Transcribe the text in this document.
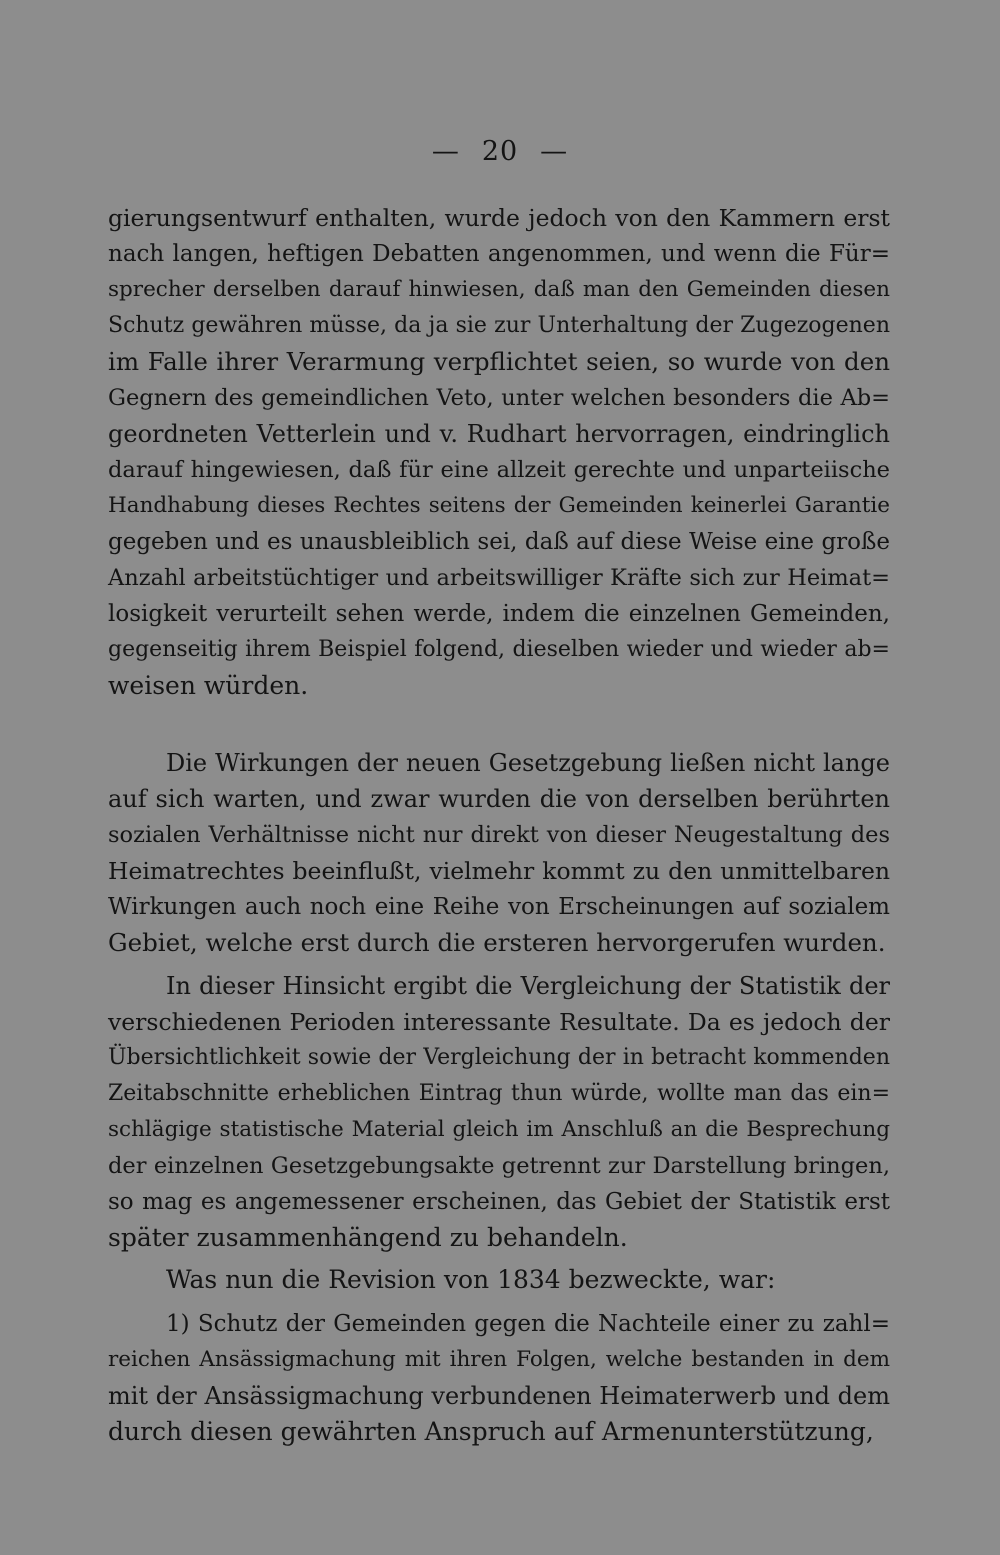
— 20 —
gierungsentwurf enthalten, wurde jedoch von den Kammern erst
nach langen, heftigen Debatten angenommen, und wenn die Für=
sprecher derselben darauf hinwiesen, daß man den Gemeinden diesen
Schutz gewähren müsse, da ja sie zur Unterhaltung der Zugezogenen
im Falle ihrer Verarmung verpflichtet seien, so wurde von den
Gegnern des gemeindlichen Veto, unter welchen besonders die Ab=
geordneten Vetterlein und v. Rudhart hervorragen, eindringlich
darauf hingewiesen, daß für eine allzeit gerechte und unparteiische
Handhabung dieses Rechtes seitens der Gemeinden keinerlei Garantie
gegeben und es unausbleiblich sei, daß auf diese Weise eine große
Anzahl arbeitstüchtiger und arbeitswilliger Kräfte sich zur Heimat=
losigkeit verurteilt sehen werde, indem die einzelnen Gemeinden,
gegenseitig ihrem Beispiel folgend, dieselben wieder und wieder ab=
weisen würden.
Die Wirkungen der neuen Gesetzgebung ließen nicht lange
auf sich warten, und zwar wurden die von derselben berührten
sozialen Verhältnisse nicht nur direkt von dieser Neugestaltung des
Heimatrechtes beeinflußt, vielmehr kommt zu den unmittelbaren
Wirkungen auch noch eine Reihe von Erscheinungen auf sozialem
Gebiet, welche erst durch die ersteren hervorgerufen wurden.
In dieser Hinsicht ergibt die Vergleichung der Statistik der
verschiedenen Perioden interessante Resultate. Da es jedoch der
Übersichtlichkeit sowie der Vergleichung der in betracht kommenden
Zeitabschnitte erheblichen Eintrag thun würde, wollte man das ein=
schlägige statistische Material gleich im Anschluß an die Besprechung
der einzelnen Gesetzgebungsakte getrennt zur Darstellung bringen,
so mag es angemessener erscheinen, das Gebiet der Statistik erst
später zusammenhängend zu behandeln.
Was nun die Revision von 1834 bezweckte, war:
1) Schutz der Gemeinden gegen die Nachteile einer zu zahl=
reichen Ansässigmachung mit ihren Folgen, welche bestanden in dem
mit der Ansässigmachung verbundenen Heimaterwerb und dem
durch diesen gewährten Anspruch auf Armenunterstützung,
